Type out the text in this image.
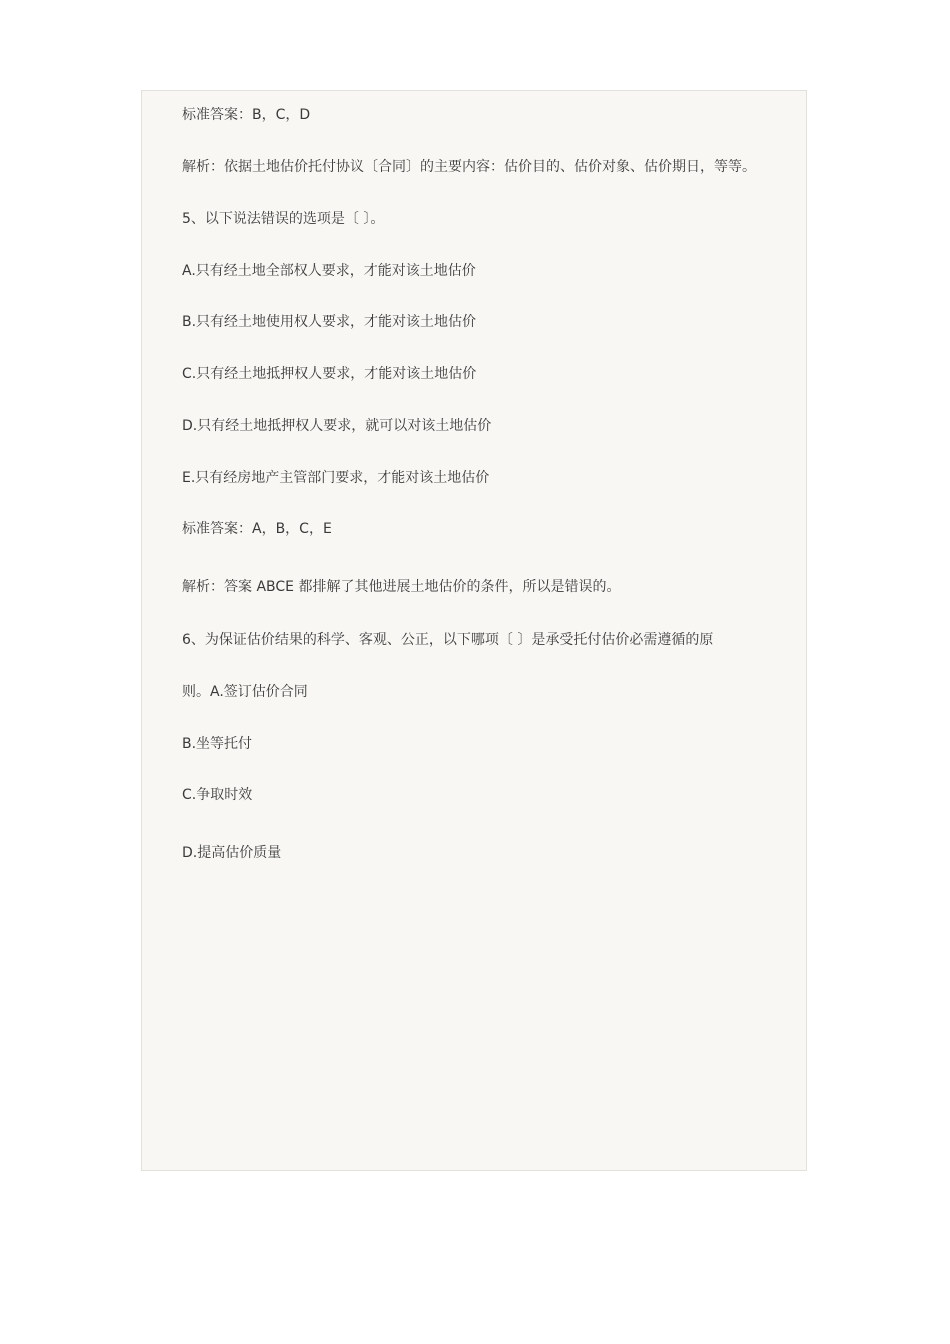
标准答案：B，C，D
解析：依据土地估价托付协议〔合同〕的主要内容：估价目的、估价对象、估价期日，等等。
5、以下说法错误的选项是〔 〕。
A.只有经土地全部权人要求，才能对该土地估价
B.只有经土地使用权人要求，才能对该土地估价
C.只有经土地抵押权人要求，才能对该土地估价
D.只有经土地抵押权人要求，就可以对该土地估价
E.只有经房地产主管部门要求，才能对该土地估价
标准答案：A，B，C，E
解析：答案 ABCE 都排解了其他进展土地估价的条件，所以是错误的。
6、为保证估价结果的科学、客观、公正，以下哪项〔 〕是承受托付估价必需遵循的原
则。A.签订估价合同
B.坐等托付
C.争取时效
D.提高估价质量
